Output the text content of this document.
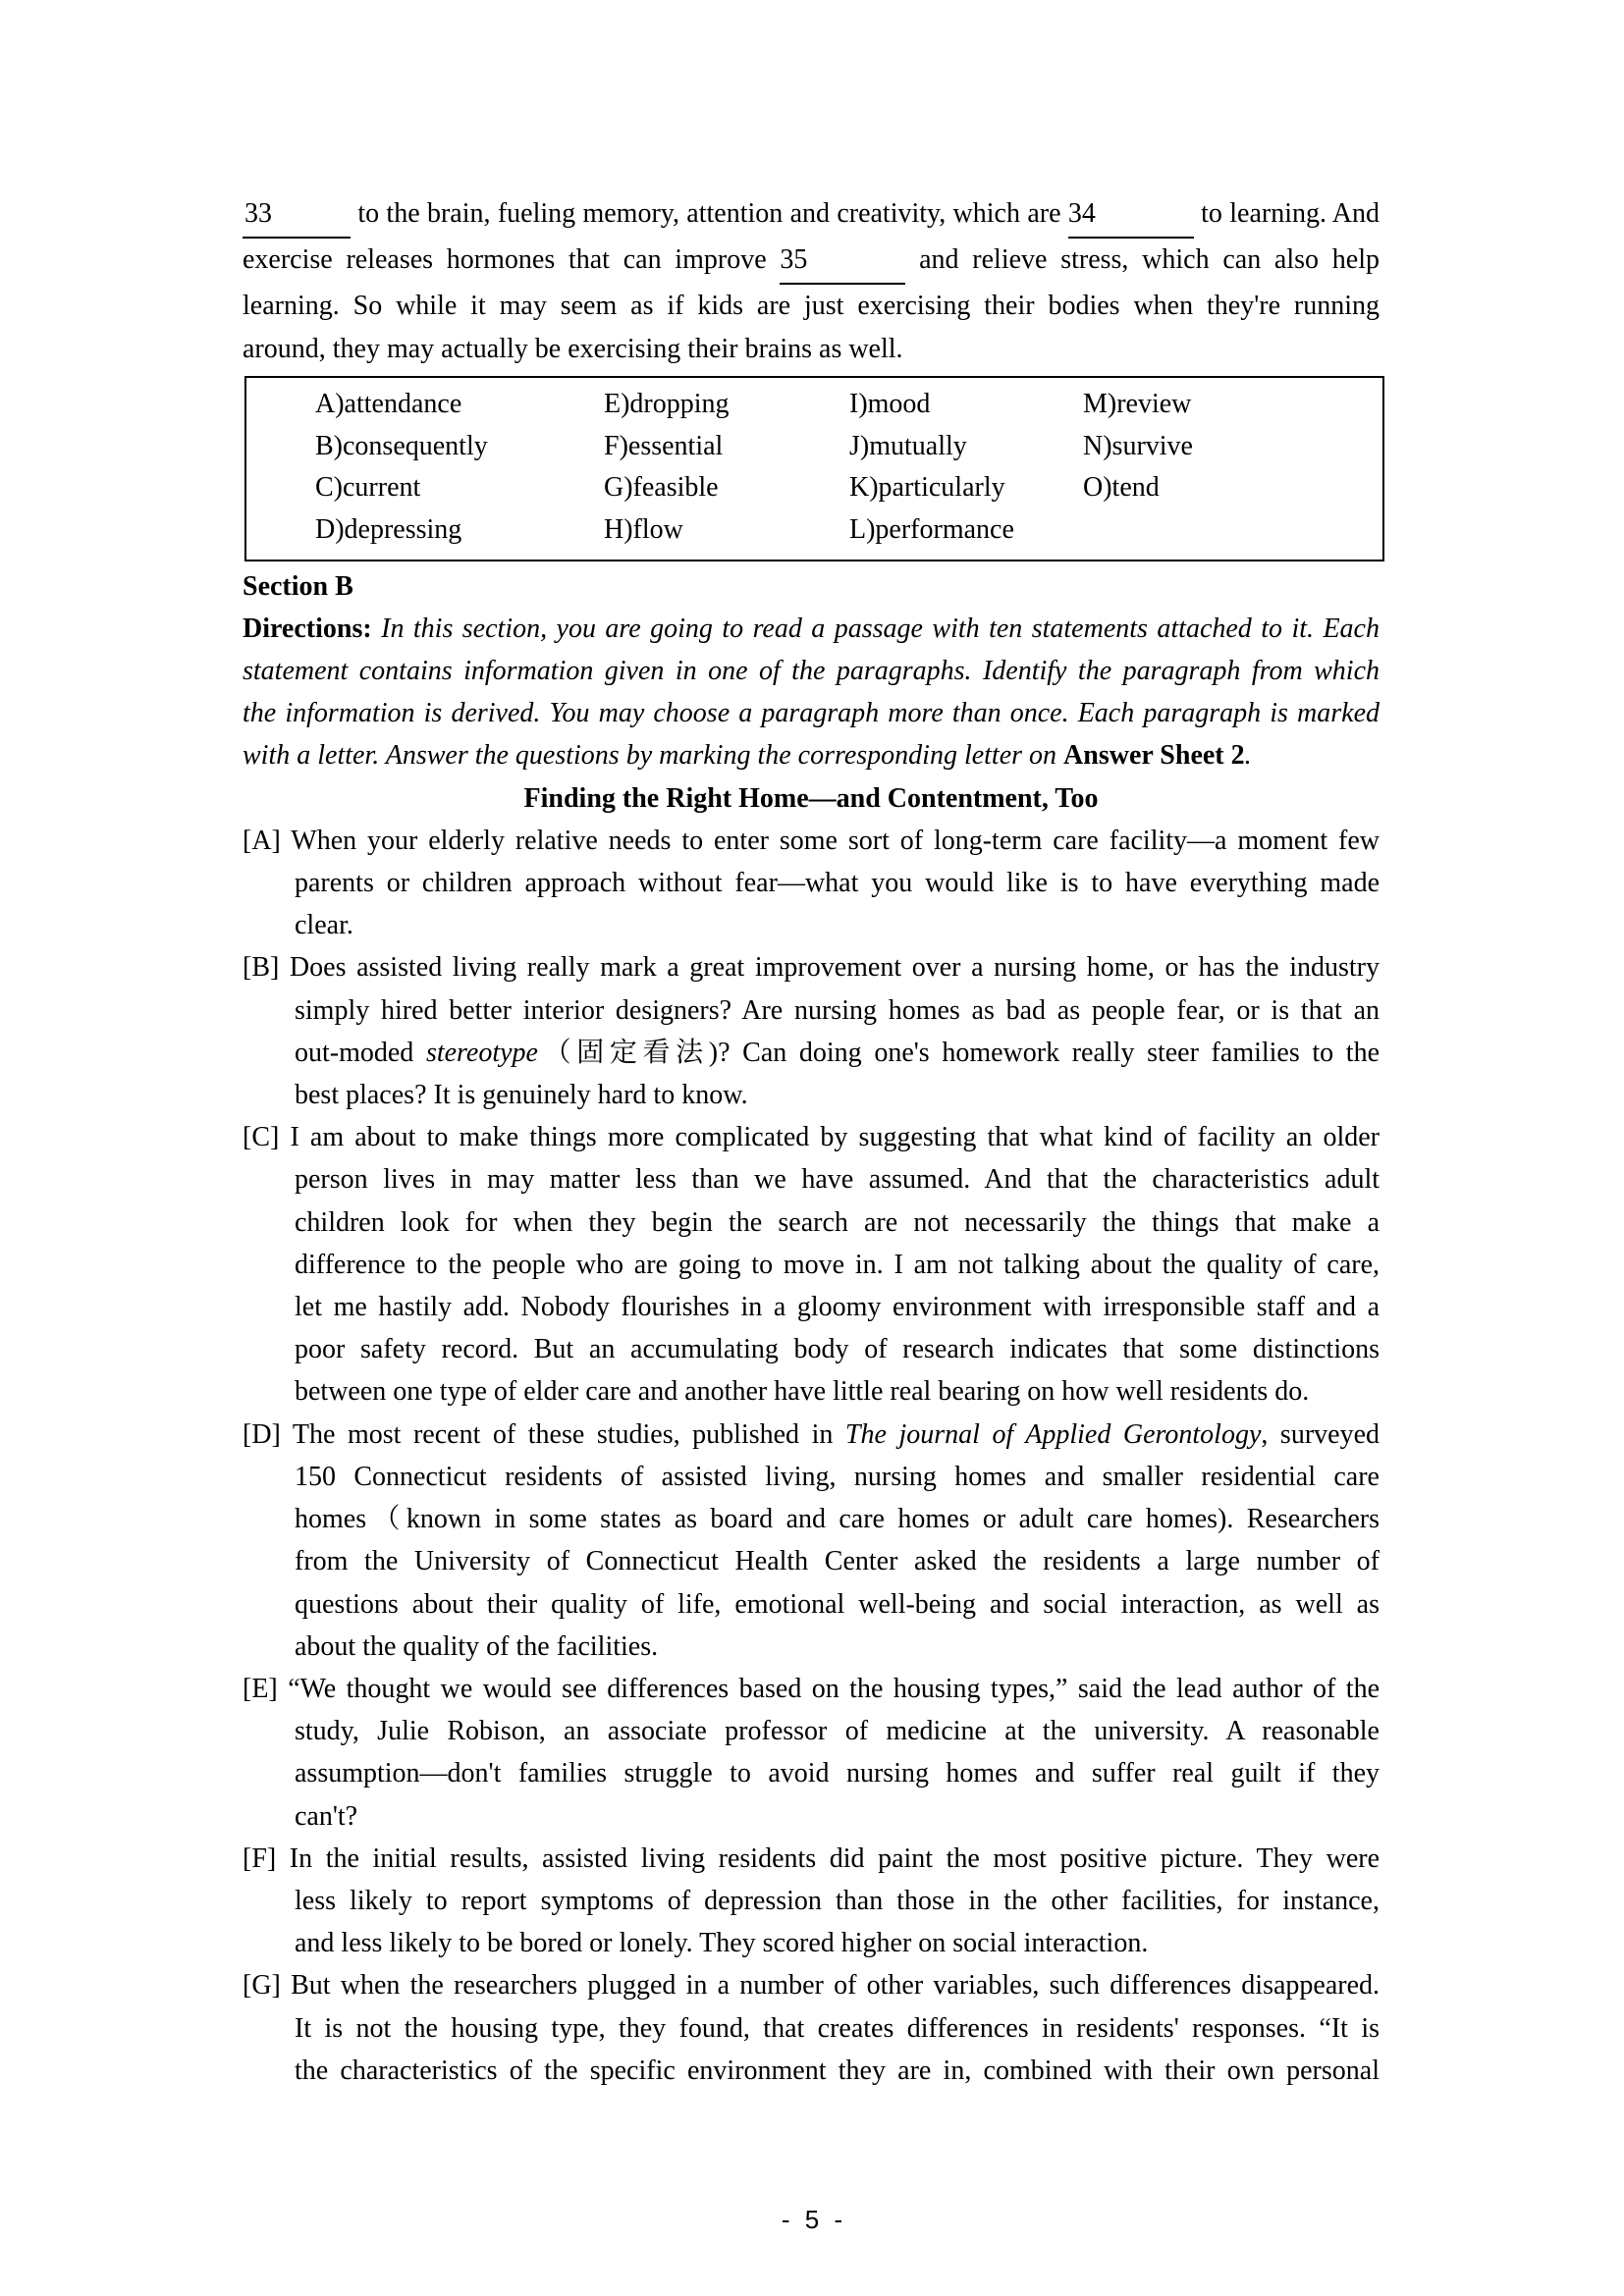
33	to the brain, fueling memory, attention and creativity, which are 34	to learning. And
exercise releases hormones that can improve 35	and relieve stress, which can also help
learning. So while it may seem as if kids are just exercising their bodies when they're running
around, they may actually be exercising their brains as well.
A)attendance	E)dropping	I)mood	M)review
B)consequently	F)essential	J)mutually	N)survive
C)current	G)feasible	K)particularly	O)tend
D)depressing	H)flow	L)performance
Section B
Directions: In this section, you are going to read a passage with ten statements attached to it. Each
statement contains information given in one of the paragraphs. Identify the paragraph from which
the information is derived. You may choose a paragraph more than once. Each paragraph is marked
with a letter. Answer the questions by marking the corresponding letter on Answer Sheet 2.
Finding the Right Home—and Contentment, Too
[A] When your elderly relative needs to enter some sort of long-term care facility—a moment few
parents or children approach without fear—what you would like is to have everything made
clear.
[B] Does assisted living really mark a great improvement over a nursing home, or has the industry
simply hired better interior designers? Are nursing homes as bad as people fear, or is that an
out-moded stereotype（固定看法)? Can doing one's homework really steer families to the
best places? It is genuinely hard to know.
[C] I am about to make things more complicated by suggesting that what kind of facility an older
person lives in may matter less than we have assumed. And that the characteristics adult
children look for when they begin the search are not necessarily the things that make a
difference to the people who are going to move in. I am not talking about the quality of care,
let me hastily add. Nobody flourishes in a gloomy environment with irresponsible staff and a
poor safety record. But an accumulating body of research indicates that some distinctions
between one type of elder care and another have little real bearing on how well residents do.
[D] The most recent of these studies, published in The journal of Applied Gerontology, surveyed
150 Connecticut residents of assisted living, nursing homes and smaller residential care
homes（known in some states as board and care homes or adult care homes). Researchers
from the University of Connecticut Health Center asked the residents a large number of
questions about their quality of life, emotional well-being and social interaction, as well as
about the quality of the facilities.
[E] “We thought we would see differences based on the housing types,” said the lead author of the
study, Julie Robison, an associate professor of medicine at the university. A reasonable
assumption—don't families struggle to avoid nursing homes and suffer real guilt if they
can't?
[F] In the initial results, assisted living residents did paint the most positive picture. They were
less likely to report symptoms of depression than those in the other facilities, for instance,
and less likely to be bored or lonely. They scored higher on social interaction.
[G] But when the researchers plugged in a number of other variables, such differences disappeared.
It is not the housing type, they found, that creates differences in residents' responses. “It is
the characteristics of the specific environment they are in, combined with their own personal
- 5 -
